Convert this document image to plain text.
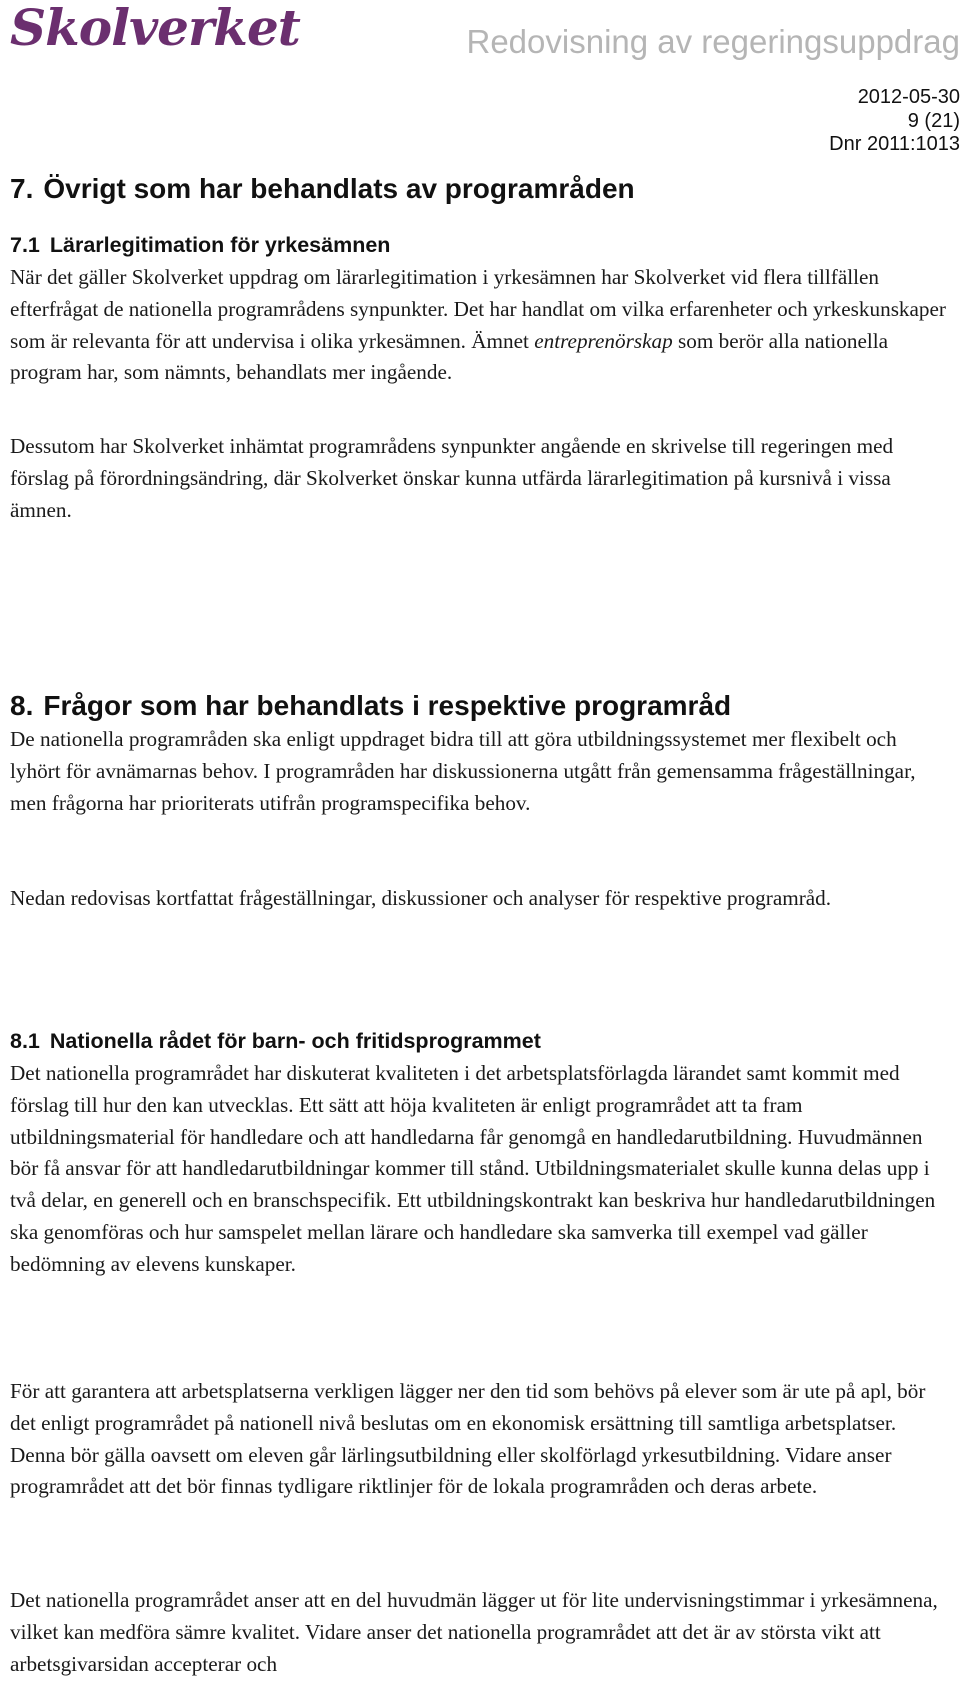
Skolverket	Redovisning av regeringsuppdrag
2012-05-30
9 (21)
Dnr 2011:1013
7. Övrigt som har behandlats av programråden
7.1 Lärarlegitimation för yrkesämnen

När det gäller Skolverket uppdrag om lärarlegitimation i yrkesämnen har Skolverket vid flera tillfällen efterfrågat de nationella programrådens synpunkter. Det har handlat om vilka erfarenheter och yrkeskunskaper som är relevanta för att undervisa i olika yrkesämnen. Ämnet entreprenörskap som berör alla nationella program har, som nämnts, behandlats mer ingående.

Dessutom har Skolverket inhämtat programrådens synpunkter angående en skrivelse till regeringen med förslag på förordningsändring, där Skolverket önskar kunna utfärda lärarlegitimation på kursnivå i vissa ämnen.

8. Frågor som har behandlats i respektive programråd

De nationella programråden ska enligt uppdraget bidra till att göra utbildningssystemet mer flexibelt och lyhört för avnämarnas behov. I programråden har diskussionerna utgått från gemensamma frågeställningar, men frågorna har prioriterats utifrån programspecifika behov.

Nedan redovisas kortfattat frågeställningar, diskussioner och analyser för respektive programråd.

8.1 Nationella rådet för barn- och fritidsprogrammet

Det nationella programrådet har diskuterat kvaliteten i det arbetsplatsförlagda lärandet samt kommit med förslag till hur den kan utvecklas. Ett sätt att höja kvaliteten är enligt programrådet att ta fram utbildningsmaterial för handledare och att handledarna får genomgå en handledarutbildning. Huvudmännen bör få ansvar för att handledarutbildningar kommer till stånd. Utbildningsmaterialet skulle kunna delas upp i två delar, en generell och en branschspecifik. Ett utbildningskontrakt kan beskriva hur handledarutbildningen ska genomföras och hur samspelet mellan lärare och handledare ska samverka till exempel vad gäller bedömning av elevens kunskaper.

För att garantera att arbetsplatserna verkligen lägger ner den tid som behövs på elever som är ute på apl, bör det enligt programrådet på nationell nivå beslutas om en ekonomisk ersättning till samtliga arbetsplatser. Denna bör gälla oavsett om eleven går lärlingsutbildning eller skolförlagd yrkesutbildning. Vidare anser programrådet att det bör finnas tydligare riktlinjer för de lokala programråden och deras arbete.

Det nationella programrådet anser att en del huvudmän lägger ut för lite undervisningstimmar i yrkesämnena, vilket kan medföra sämre kvalitet. Vidare anser det nationella programrådet att det är av största vikt att arbetsgivarsidan accepterar och
